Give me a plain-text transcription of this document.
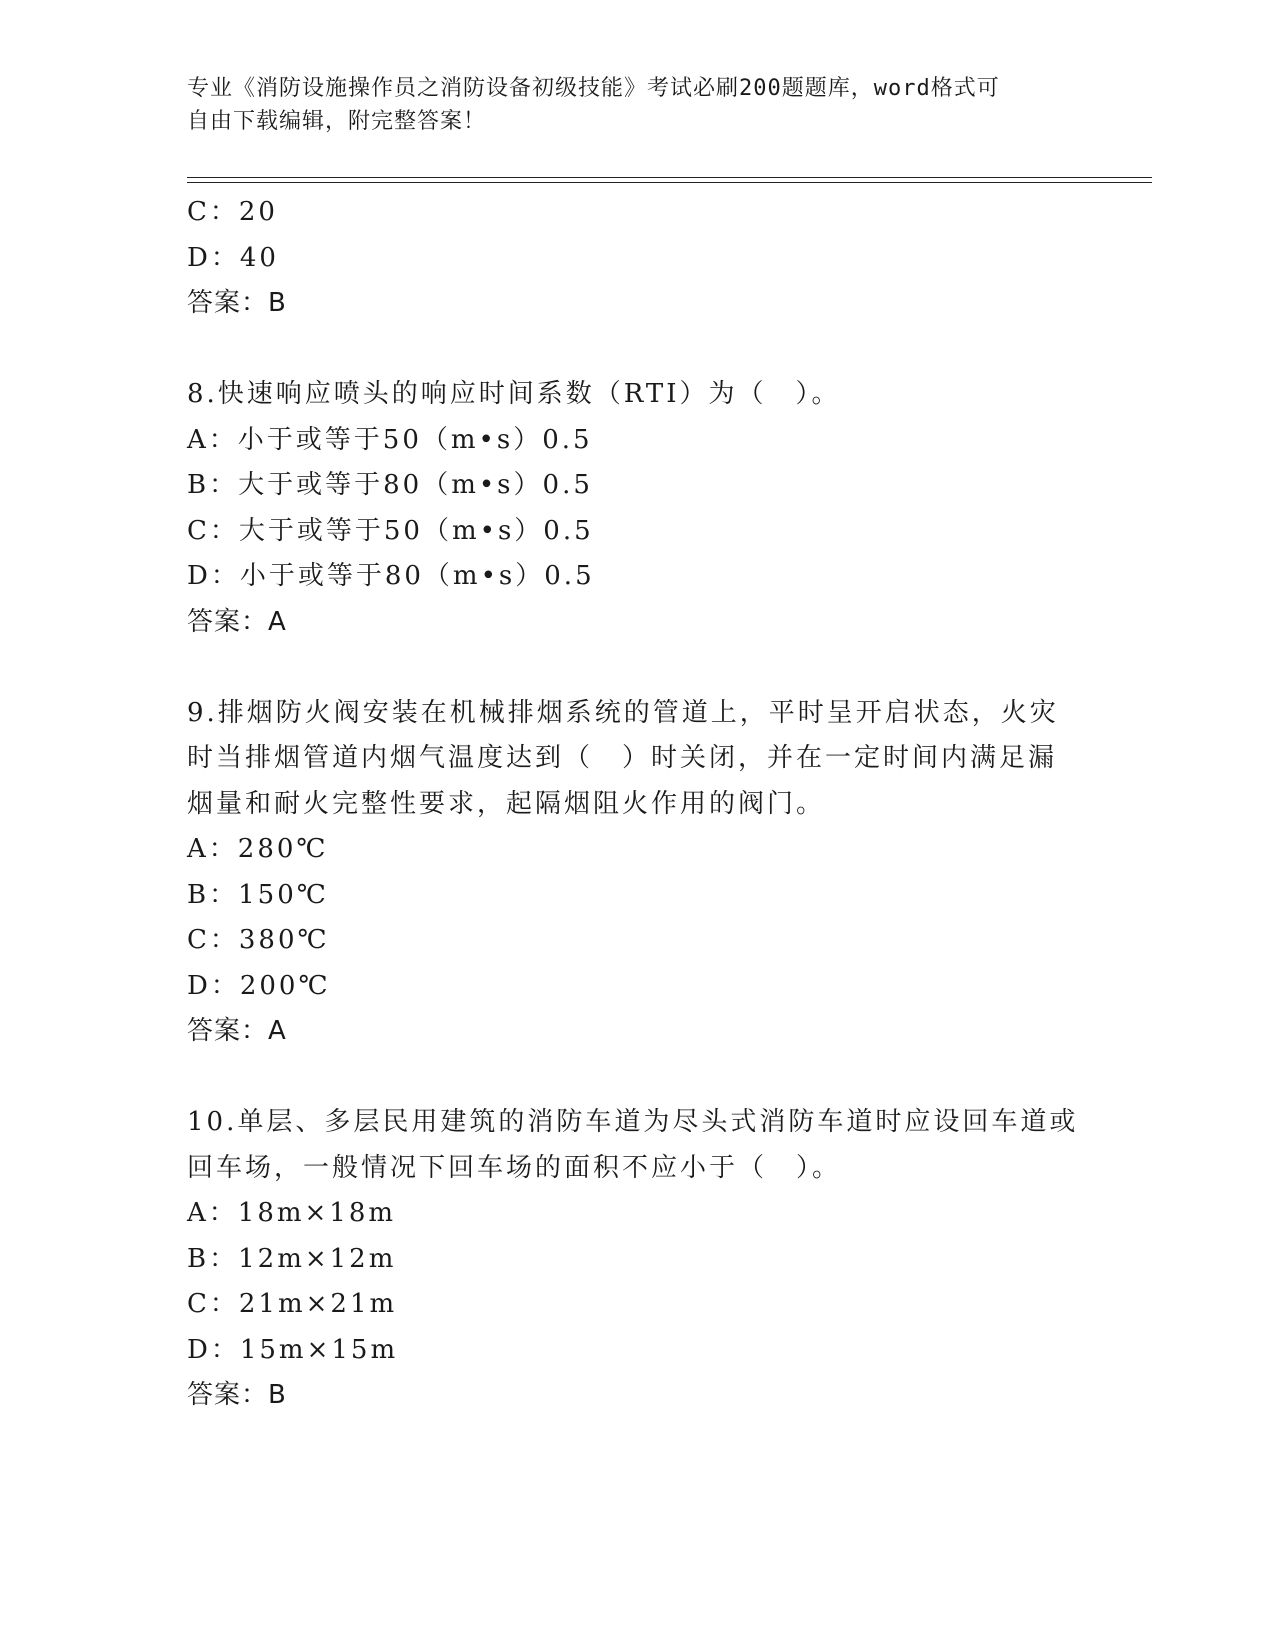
专业《消防设施操作员之消防设备初级技能》考试必刷200题题库，word格式可
自由下载编辑，附完整答案！
C：20
D：40
答案：B
8.快速响应喷头的响应时间系数（RTI）为（　）。
A：小于或等于50（m•s）0.5
B：大于或等于80（m•s）0.5
C：大于或等于50（m•s）0.5
D：小于或等于80（m•s）0.5
答案：A
9.排烟防火阀安装在机械排烟系统的管道上，平时呈开启状态，火灾
时当排烟管道内烟气温度达到（　）时关闭，并在一定时间内满足漏
烟量和耐火完整性要求，起隔烟阻火作用的阀门。
A：280℃
B：150℃
C：380℃
D：200℃
答案：A
10.单层、多层民用建筑的消防车道为尽头式消防车道时应设回车道或
回车场，一般情况下回车场的面积不应小于（　）。
A：18m×18m
B：12m×12m
C：21m×21m
D：15m×15m
答案：B
